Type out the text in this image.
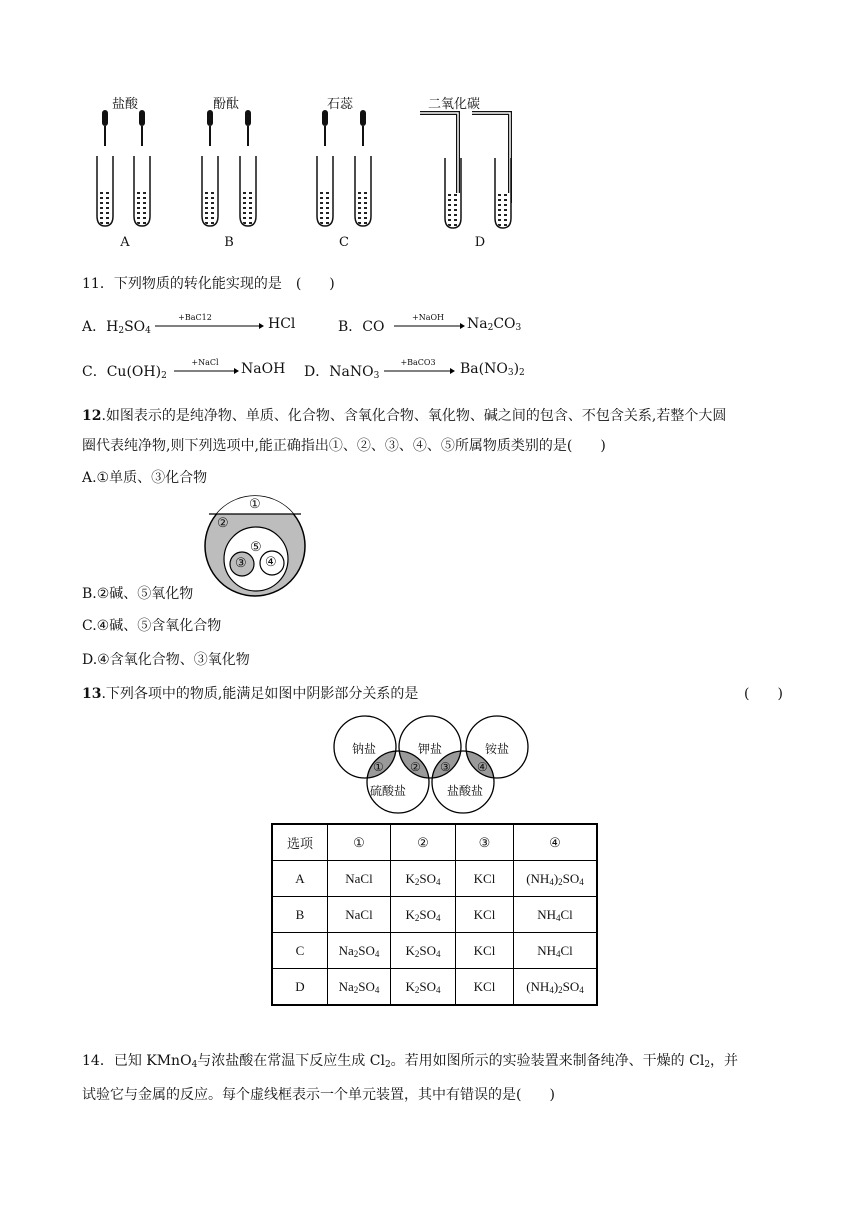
盐酸	酚酞	石蕊	二氧化碳
A	B	C	D
11．下列物质的转化能实现的是　(　　)
A．$H_2SO_4$
+BaC12	HCl	B．CO
+NaOH	$Na_2CO_3$
C．$Cu(OH)_2$
+NaCl	NaOH D．NaNO$_3$
+BaCO3	$Ba(NO_3)_2$
12.如图表示的是纯净物、单质、化合物、含氧化合物、氧化物、碱之间的包含、不包含关系,若整个大圆
圈代表纯净物,则下列选项中,能正确指出①、②、③、④、⑤所属物质类别的是(　　)
A.①单质、③化合物
①
②
⑤
③ ④
B.②碱、⑤氧化物
C.④碱、⑤含氧化合物
D.④含氧化合物、③氧化物
13.下列各项中的物质,能满足如图中阴影部分关系的是	(　　)
钠盐	钾盐	铵盐
① ② ③ ④
硫酸盐	盐酸盐
选项	①	②	③	④
A	NaCl	$K_2SO_4$	KCl	$(NH_4)_2SO_4$
B	NaCl	$K_2SO_4$	KCl	$NH_4Cl$
C	$Na_2SO_4$	$K_2SO_4$	KCl	$NH_4Cl$
D	$Na_2SO_4$	$K_2SO_4$	KCl	$(NH_4)_2SO_4$
14．已知 KMnO$_4$与浓盐酸在常温下反应生成 $Cl_2$。若用如图所示的实验装置来制备纯净、干燥的 $Cl_2$，并
试验它与金属的反应。每个虚线框表示一个单元装置，其中有错误的是(　　)
